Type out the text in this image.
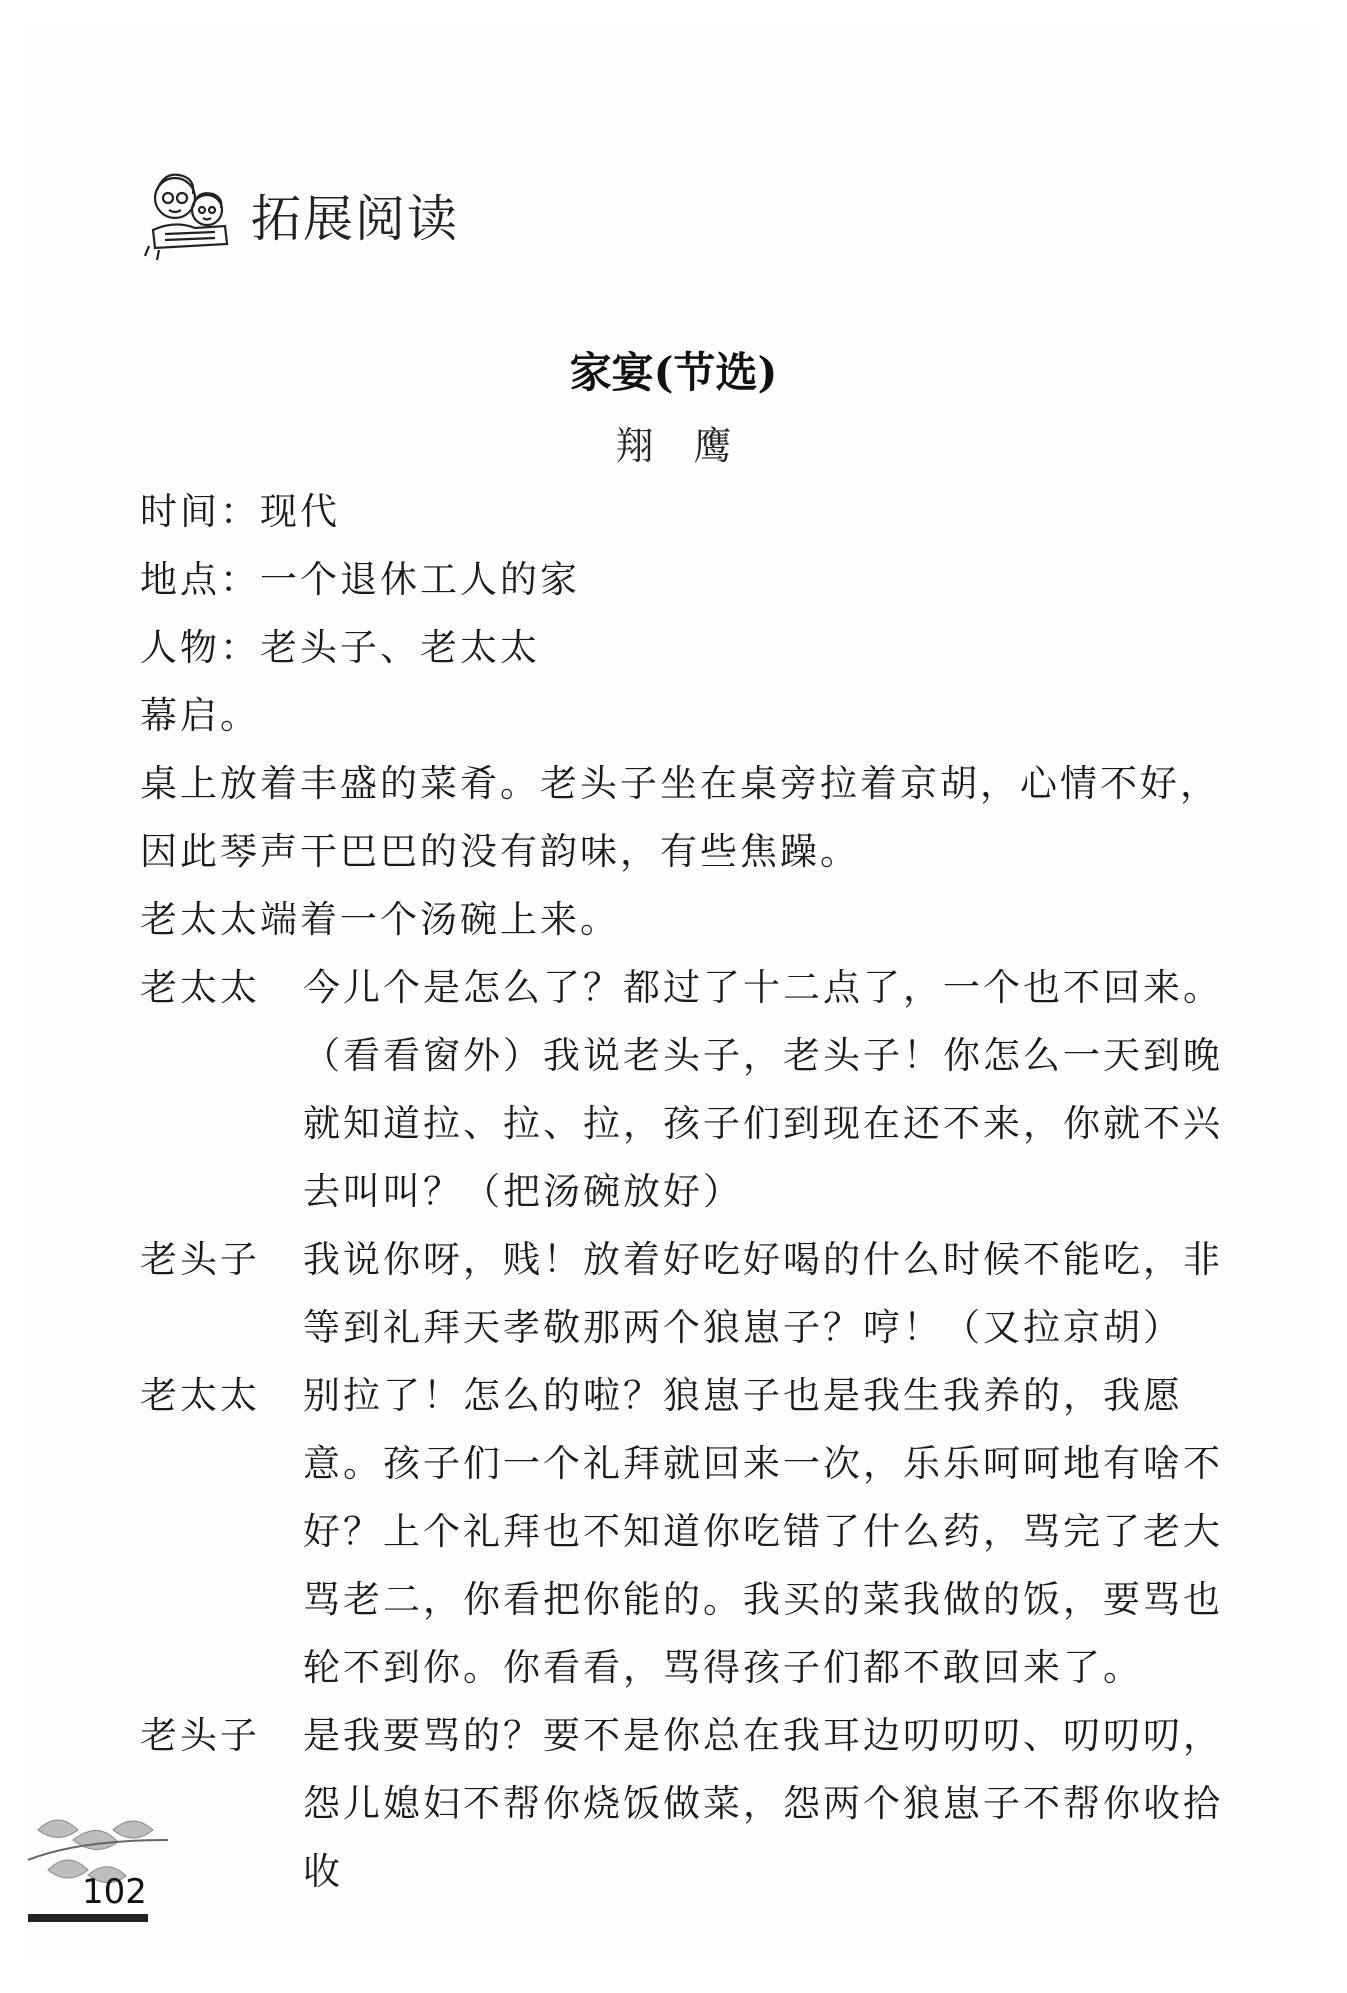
拓展阅读
家宴(节选)
翔鹰
时间：现代
地点：一个退休工人的家
人物：老头子、老太太
幕启。
桌上放着丰盛的菜肴。老头子坐在桌旁拉着京胡，心情不好，因此琴声干巴巴的没有韵味，有些焦躁。
老太太端着一个汤碗上来。
老太太	今儿个是怎么了？都过了十二点了，一个也不回来。（看看窗外）我说老头子，老头子！你怎么一天到晚就知道拉、拉、拉，孩子们到现在还不来，你就不兴去叫叫？（把汤碗放好）
老头子	我说你呀，贱！放着好吃好喝的什么时候不能吃，非等到礼拜天孝敬那两个狼崽子？哼！（又拉京胡）
老太太	别拉了！怎么的啦？狼崽子也是我生我养的，我愿意。孩子们一个礼拜就回来一次，乐乐呵呵地有啥不好？上个礼拜也不知道你吃错了什么药，骂完了老大骂老二，你看把你能的。我买的菜我做的饭，要骂也轮不到你。你看看，骂得孩子们都不敢回来了。
老头子	是我要骂的？要不是你总在我耳边叨叨叨、叨叨叨，怨儿媳妇不帮你烧饭做菜，怨两个狼崽子不帮你收拾收
102
